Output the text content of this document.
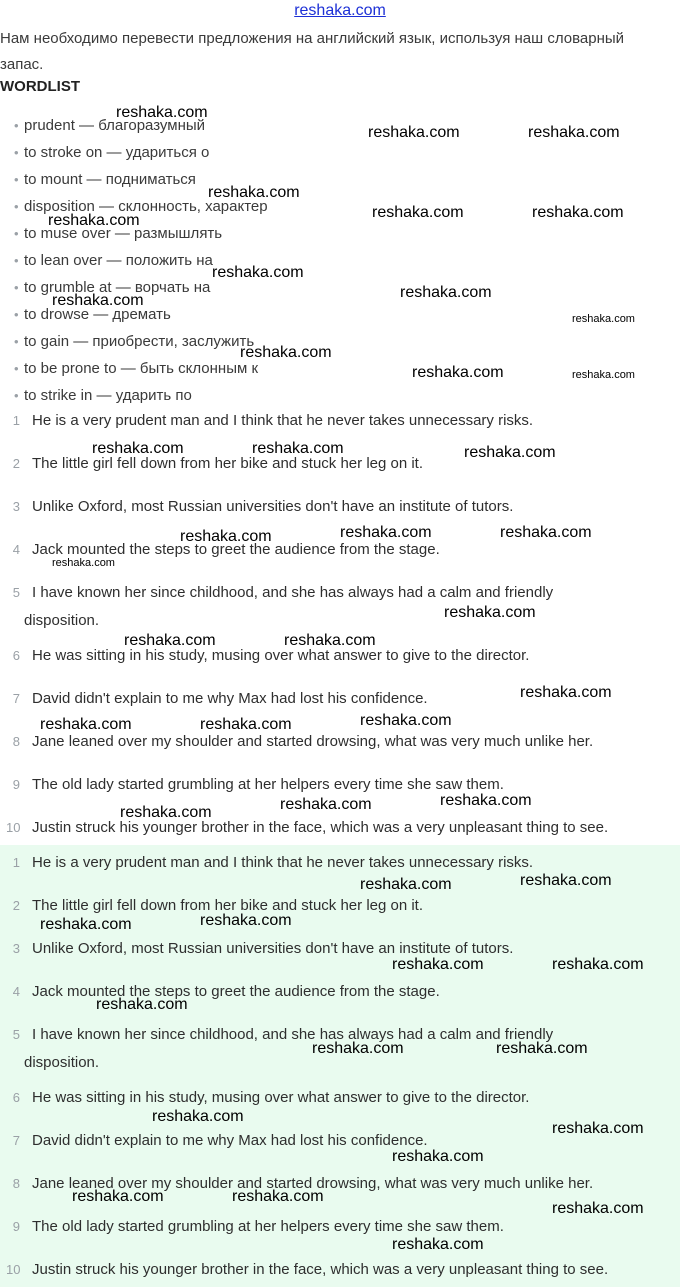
reshaka.com
Нам необходимо перевести предложения на английский язык, используя наш словарный запас.
WORDLIST
• prudent — благоразумный
• to stroke on — удариться о
• to mount — подниматься
• disposition — склонность, характер
• to muse over — размышлять
• to lean over — положить на
• to grumble at — ворчать на
• to drowse — дремать
• to gain — приобрести, заслужить
• to be prone to — быть склонным к
• to strike in — ударить по
1 He is a very prudent man and I think that he never takes unnecessary risks.
2 The little girl fell down from her bike and stuck her leg on it.
3 Unlike Oxford, most Russian universities don't have an institute of tutors.
4 Jack mounted the steps to greet the audience from the stage.
5 I have known her since childhood, and she has always had a calm and friendly
disposition.
6 He was sitting in his study, musing over what answer to give to the director.
7 David didn't explain to me why Max had lost his confidence.
8 Jane leaned over my shoulder and started drowsing, what was very much unlike her.
9 The old lady started grumbling at her helpers every time she saw them.
10 Justin struck his younger brother in the face, which was a very unpleasant thing to see.
1 He is a very prudent man and I think that he never takes unnecessary risks.
2 The little girl fell down from her bike and stuck her leg on it.
3 Unlike Oxford, most Russian universities don't have an institute of tutors.
4 Jack mounted the steps to greet the audience from the stage.
5 I have known her since childhood, and she has always had a calm and friendly
disposition.
6 He was sitting in his study, musing over what answer to give to the director.
7 David didn't explain to me why Max had lost his confidence.
8 Jane leaned over my shoulder and started drowsing, what was very much unlike her.
9 The old lady started grumbling at her helpers every time she saw them.
10 Justin struck his younger brother in the face, which was a very unpleasant thing to see.
reshaka.com
reshaka.com	reshaka.com
reshaka.com
reshaka.com	reshaka.com	reshaka.com
reshaka.com
reshaka.com	reshaka.com
reshaka.com
reshaka.com
reshaka.com	reshaka.com
reshaka.com	reshaka.com	reshaka.com
reshaka.com	reshaka.com	reshaka.com
reshaka.com
reshaka.com
reshaka.com	reshaka.com
reshaka.com
reshaka.com	reshaka.com	reshaka.com
reshaka.com	reshaka.com	reshaka.com
reshaka.com	reshaka.com
reshaka.com	reshaka.com
reshaka.com	reshaka.com
reshaka.com
reshaka.com	reshaka.com
reshaka.com
reshaka.com
reshaka.com
reshaka.com	reshaka.com
reshaka.com
reshaka.com
